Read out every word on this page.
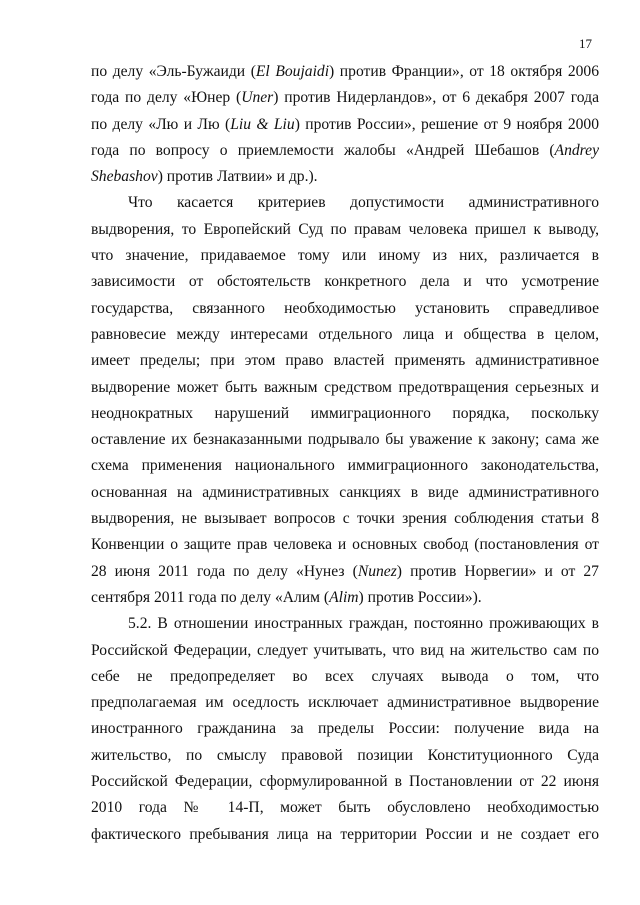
17
по делу «Эль-Бужаиди (El Boujaidi) против Франции», от 18 октября 2006
года по делу «Юнер (Uner) против Нидерландов», от 6 декабря 2007 года
по делу «Лю и Лю (Liu & Liu) против России», решение от 9 ноября 2000
года по вопросу о приемлемости жалобы «Андрей Шебашов (Andrey
Shebashov) против Латвии» и др.).
Что касается критериев допустимости административного
выдворения, то Европейский Суд по правам человека пришел к выводу,
что значение, придаваемое тому или иному из них, различается в
зависимости от обстоятельств конкретного дела и что усмотрение
государства, связанного необходимостью установить справедливое
равновесие между интересами отдельного лица и общества в целом,
имеет пределы; при этом право властей применять административное
выдворение может быть важным средством предотвращения серьезных и
неоднократных нарушений иммиграционного порядка, поскольку
оставление их безнаказанными подрывало бы уважение к закону; сама же
схема применения национального иммиграционного законодательства,
основанная на административных санкциях в виде административного
выдворения, не вызывает вопросов с точки зрения соблюдения статьи 8
Конвенции о защите прав человека и основных свобод (постановления от
28 июня 2011 года по делу «Нунез (Nunez) против Норвегии» и от 27
сентября 2011 года по делу «Алим (Alim) против России»).
5.2. В отношении иностранных граждан, постоянно проживающих в
Российской Федерации, следует учитывать, что вид на жительство сам по
себе не предопределяет во всех случаях вывода о том, что
предполагаемая им оседлость исключает административное выдворение
иностранного гражданина за пределы России: получение вида на
жительство, по смыслу правовой позиции Конституционного Суда
Российской Федерации, сформулированной в Постановлении от 22 июня
2010 года № 14-П, может быть обусловлено необходимостью
фактического пребывания лица на территории России и не создает его
